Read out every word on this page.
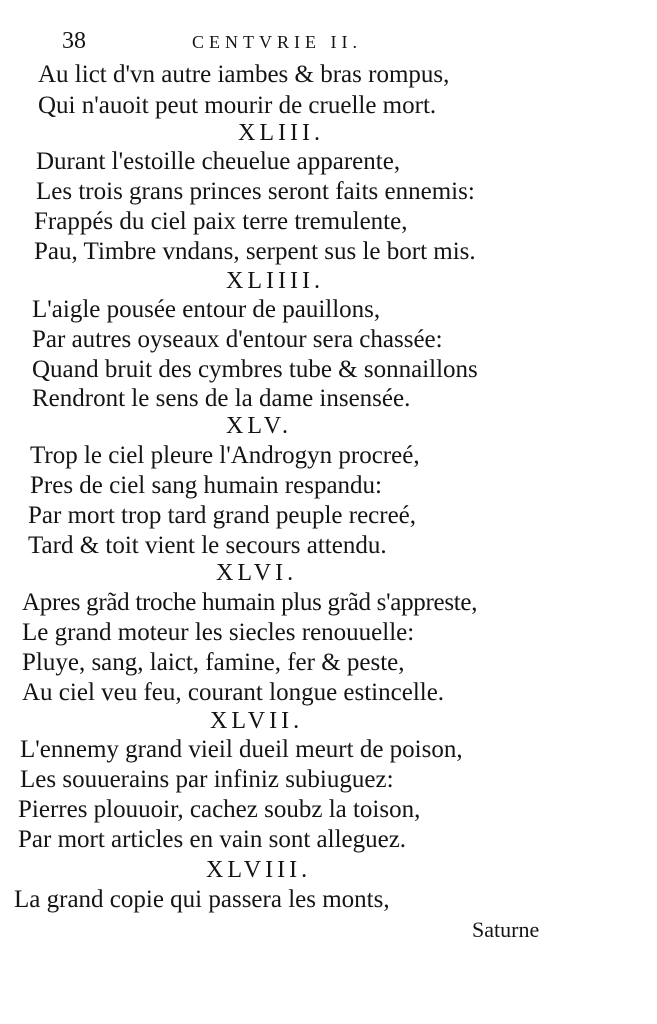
38	CENTVRIE II.
Au lict d'vn autre iambes & bras rompus,
Qui n'auoit peut mourir de cruelle mort.
XLIII.
Durant l'estoille cheuelue apparente,
Les trois grans princes seront faits ennemis:
Frappés du ciel paix terre tremulente,
Pau, Timbre vndans, serpent sus le bort mis.
XLIIII.
L'aigle pousée entour de pauillons,
Par autres oyseaux d'entour sera chassée:
Quand bruit des cymbres tube & sonnaillons
Rendront le sens de la dame insensée.
XLV.
Trop le ciel pleure l'Androgyn procreé,
Pres de ciel sang humain respandu:
Par mort trop tard grand peuple recreé,
Tard & toit vient le secours attendu.
XLVI.
Apres grãd troche humain plus grãd s'appreste,
Le grand moteur les siecles renouuelle:
Pluye, sang, laict, famine, fer & peste,
Au ciel veu feu, courant longue estincelle.
XLVII.
L'ennemy grand vieil dueil meurt de poison,
Les souuerains par infiniz subiuguez:
Pierres plouuoir, cachez soubz la toison,
Par mort articles en vain sont alleguez.
XLVIII.
La grand copie qui passera les monts,
Saturne
